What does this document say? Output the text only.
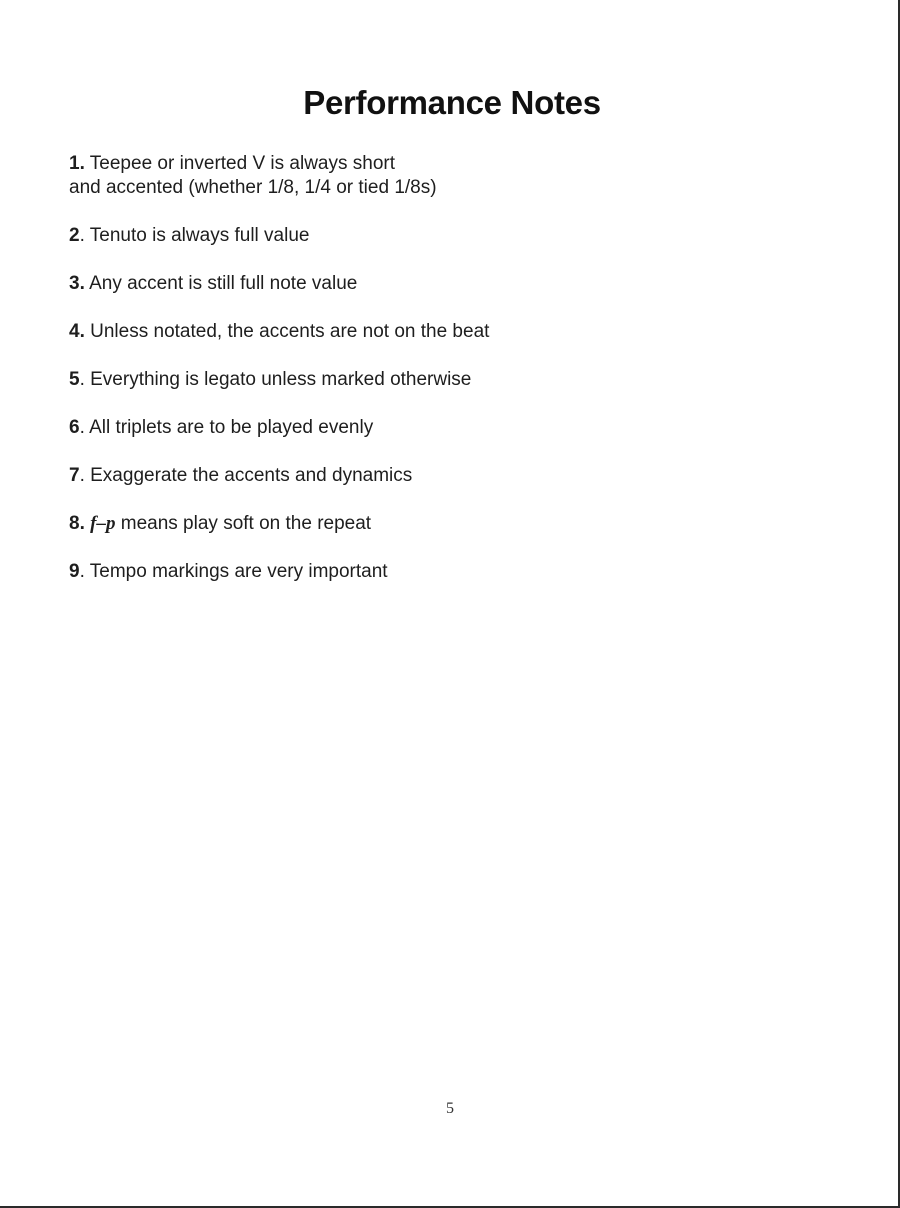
Performance Notes
1. Teepee or inverted V is always short
and accented (whether 1/8, 1/4 or tied 1/8s)
2. Tenuto is always full value
3. Any accent is still full note value
4. Unless notated, the accents are not on the beat
5. Everything is legato unless marked otherwise
6. All triplets are to be played evenly
7. Exaggerate the accents and dynamics
8. f–p means play soft on the repeat
9. Tempo markings are very important
5
